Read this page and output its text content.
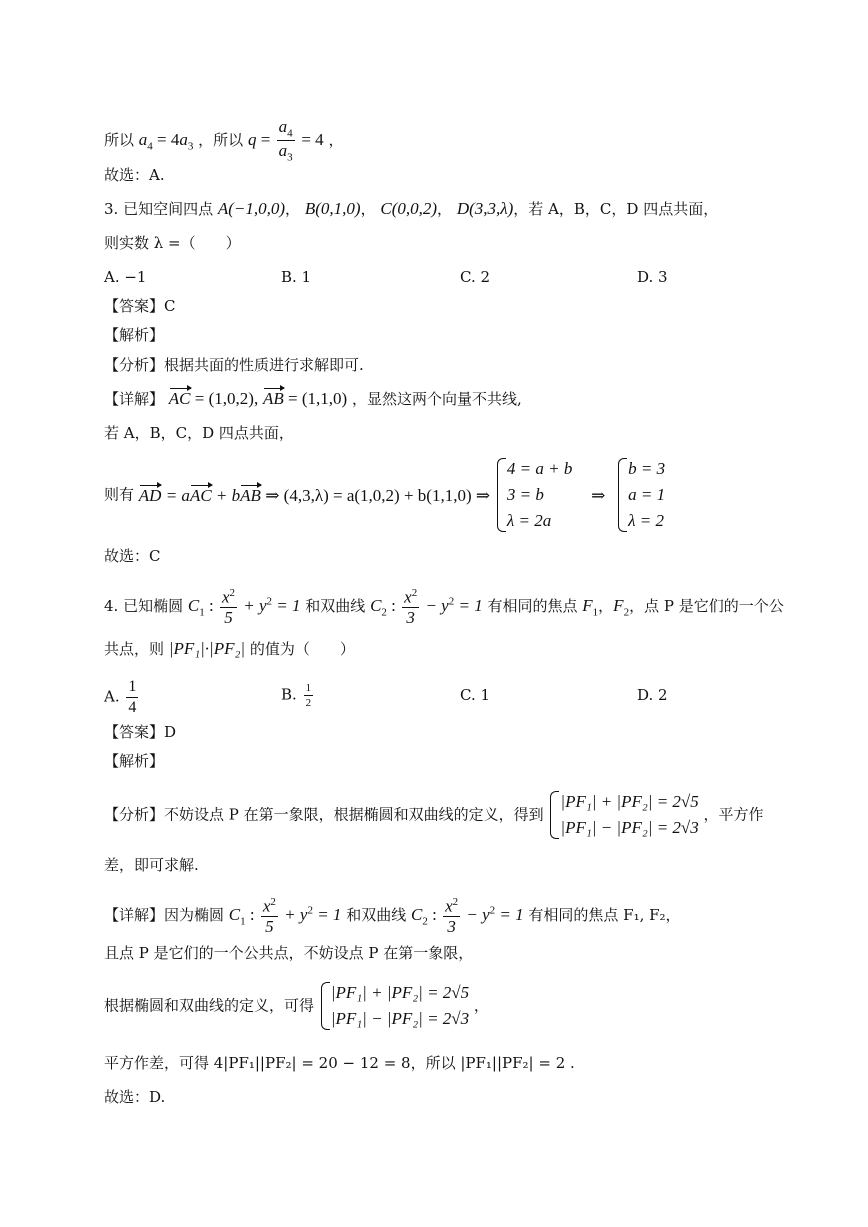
所以 $a_4 = 4a_3$ ，所以 $q = \frac{a_4}{a_3} = 4$ ，
故选：A.
3. 已知空间四点 A(−1,0,0)， B(0,1,0)， C(0,0,2)， D(3,3,λ)，若 A，B，C，D 四点共面，
则实数 λ =（　　）
A. −1	B. 1	C. 2	D. 3
【答案】C
【解析】
【分析】根据共面的性质进行求解即可.
【详解】 AC = (1,0,2), AB = (1,1,0) ，显然这两个向量不共线,
若 A，B，C，D 四点共面，
则有 AD = aAC + bAB ⇒ (4,3,λ) = a(1,0,2) + b(1,1,0) ⇒
4 = a + b
3 = b
λ = 2a
⇒
b = 3
a = 1
λ = 2
故选：C
4. 已知椭圆 $C_1$ : $\frac{x^2}{5} + y^2 = 1$ 和双曲线 $C_2$ : $\frac{x^2}{3} - y^2 = 1$ 有相同的焦点 $F_1$，$F_2$，点 P 是它们的一个公
共点，则 |PF₁|·|PF₂| 的值为（　　）
A. $\frac{1}{4}$	B. $\frac{1}{2}$	C. 1	D. 2
【答案】D
【解析】
【分析】不妨设点 P 在第一象限，根据椭圆和双曲线的定义，得到
|PF₁| + |PF₂| = 2√5
|PF₁| − |PF₂| = 2√3
，平方作
差，即可求解.
【详解】因为椭圆 $C_1$ : $\frac{x^2}{5} + y^2 = 1$ 和双曲线 $C_2$ : $\frac{x^2}{3} - y^2 = 1$ 有相同的焦点 F₁, F₂，
且点 P 是它们的一个公共点，不妨设点 P 在第一象限，
根据椭圆和双曲线的定义，可得
|PF₁| + |PF₂| = 2√5
|PF₁| − |PF₂| = 2√3
，
平方作差，可得 4|PF₁||PF₂| = 20 − 12 = 8，所以 |PF₁||PF₂| = 2 .
故选：D.
